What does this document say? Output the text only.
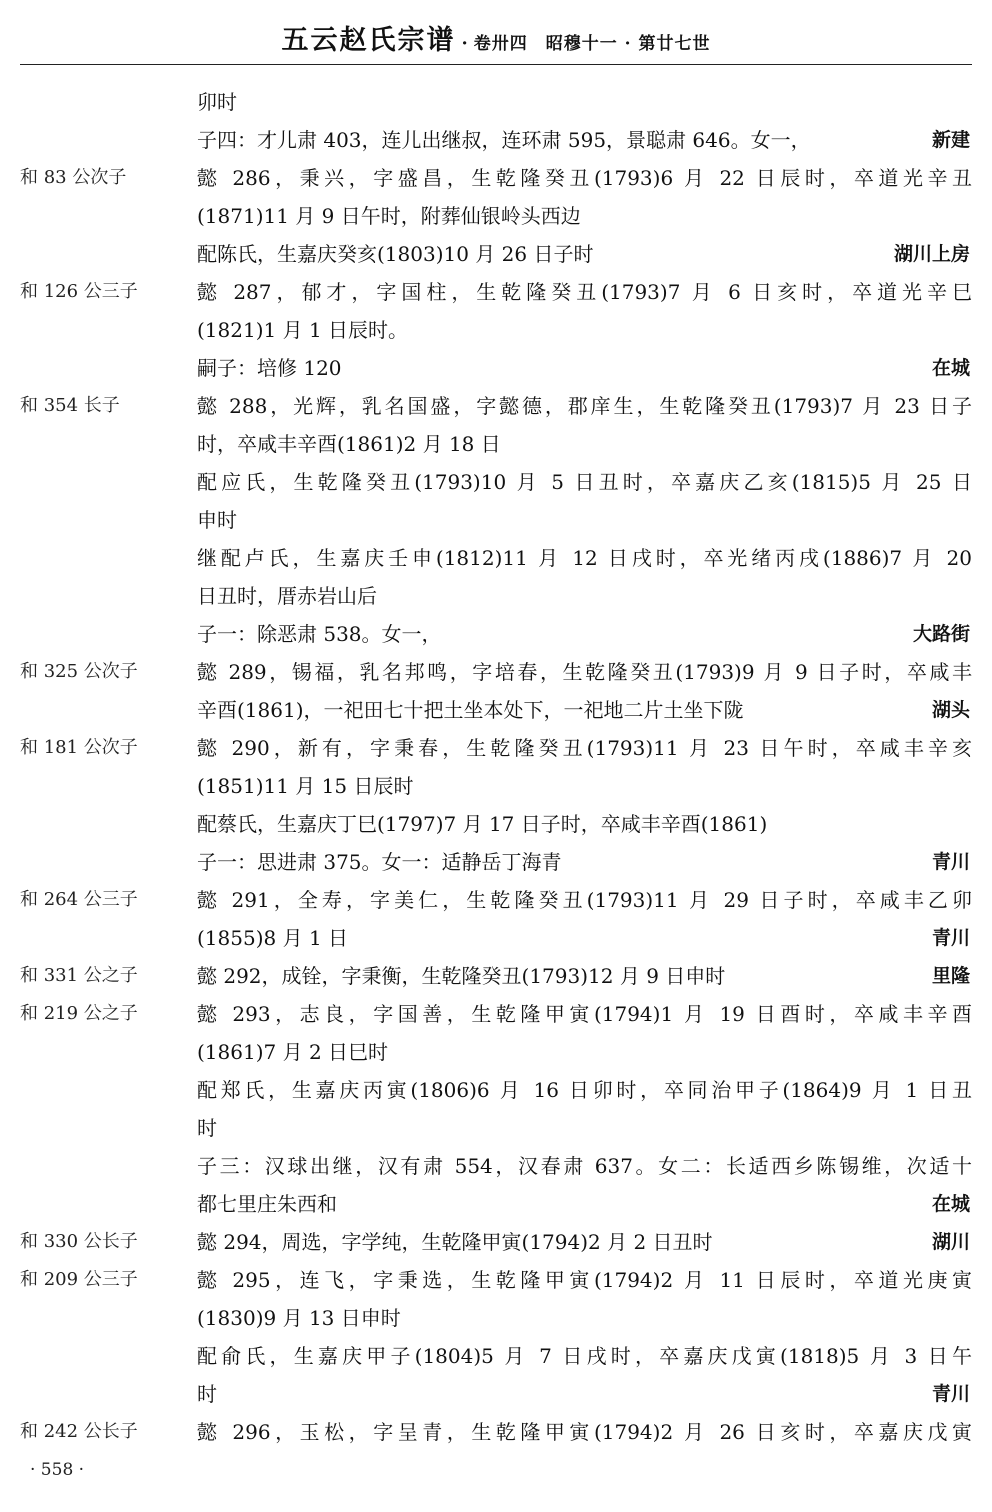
五云赵氏宗谱 · 卷卅四　昭穆十一 · 第廿七世
卯时
子四：才儿肃 403，连儿出继叔，连环肃 595，景聪肃 646。女一，	新建
和 83 公次子	懿 286，秉兴，字盛昌，生乾隆癸丑(1793)6 月 22 日辰时，卒道光辛丑
(1871)11 月 9 日午时，附葬仙银岭头西边
配陈氏，生嘉庆癸亥(1803)10 月 26 日子时	湖川上房
和 126 公三子	懿 287，郁才，字国柱，生乾隆癸丑(1793)7 月 6 日亥时，卒道光辛巳
(1821)1 月 1 日辰时。
嗣子：培修 120	在城
和 354 长子	懿 288，光辉，乳名国盛，字懿德，郡庠生，生乾隆癸丑(1793)7 月 23 日子
时，卒咸丰辛酉(1861)2 月 18 日
配应氏，生乾隆癸丑(1793)10 月 5 日丑时，卒嘉庆乙亥(1815)5 月 25 日
申时
继配卢氏，生嘉庆壬申(1812)11 月 12 日戌时，卒光绪丙戌(1886)7 月 20
日丑时，厝赤岩山后
子一：除恶肃 538。女一，	大路街
和 325 公次子	懿 289，锡福，乳名邦鸣，字培春，生乾隆癸丑(1793)9 月 9 日子时，卒咸丰
辛酉(1861)，一祀田七十把土坐本处下，一祀地二片土坐下陇	湖头
和 181 公次子	懿 290，新有，字秉春，生乾隆癸丑(1793)11 月 23 日午时，卒咸丰辛亥
(1851)11 月 15 日辰时
配蔡氏，生嘉庆丁巳(1797)7 月 17 日子时，卒咸丰辛酉(1861)
子一：思进肃 375。女一：适静岳丁海青	青川
和 264 公三子	懿 291，全寿，字美仁，生乾隆癸丑(1793)11 月 29 日子时，卒咸丰乙卯
(1855)8 月 1 日	青川
和 331 公之子	懿 292，成铨，字秉衡，生乾隆癸丑(1793)12 月 9 日申时	里隆
和 219 公之子	懿 293，志良，字国善，生乾隆甲寅(1794)1 月 19 日酉时，卒咸丰辛酉
(1861)7 月 2 日巳时
配郑氏，生嘉庆丙寅(1806)6 月 16 日卯时，卒同治甲子(1864)9 月 1 日丑
时
子三：汉球出继，汉有肃 554，汉春肃 637。女二：长适西乡陈锡维，次适十
都七里庄朱西和	在城
和 330 公长子	懿 294，周选，字学纯，生乾隆甲寅(1794)2 月 2 日丑时	湖川
和 209 公三子	懿 295，连飞，字秉选，生乾隆甲寅(1794)2 月 11 日辰时，卒道光庚寅
(1830)9 月 13 日申时
配俞氏，生嘉庆甲子(1804)5 月 7 日戌时，卒嘉庆戊寅(1818)5 月 3 日午
时	青川
和 242 公长子	懿 296，玉松，字呈青，生乾隆甲寅(1794)2 月 26 日亥时，卒嘉庆戊寅
· 558 ·
